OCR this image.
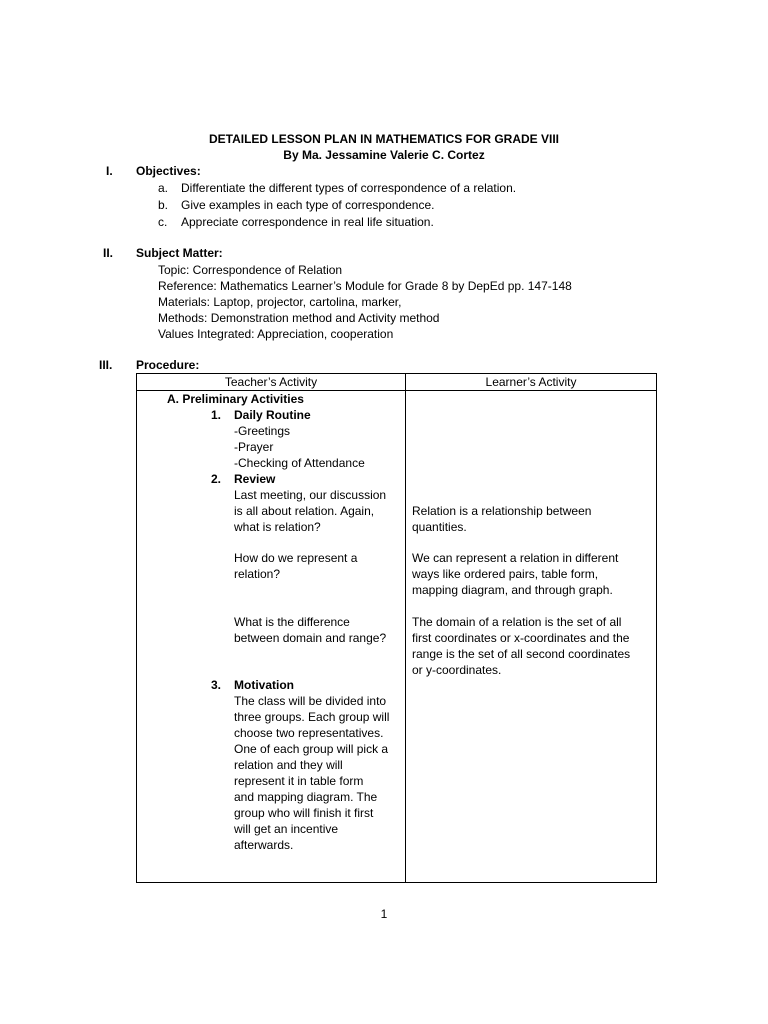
DETAILED LESSON PLAN IN MATHEMATICS FOR GRADE VIII
By Ma. Jessamine Valerie C. Cortez
I. Objectives:
a. Differentiate the different types of correspondence of a relation.
b. Give examples in each type of correspondence.
c. Appreciate correspondence in real life situation.
II. Subject Matter:
Topic: Correspondence of Relation
Reference: Mathematics Learner’s Module for Grade 8 by DepEd pp. 147-148
Materials: Laptop, projector, cartolina, marker,
Methods: Demonstration method and Activity method
Values Integrated: Appreciation, cooperation
III. Procedure:
Teacher’s Activity	Learner’s Activity
A. Preliminary Activities
1. Daily Routine
-Greetings
-Prayer
-Checking of Attendance
2. Review
Last meeting, our discussion
is all about relation. Again,
what is relation?
How do we represent a
relation?
What is the difference
between domain and range?
3. Motivation
The class will be divided into
three groups. Each group will
choose two representatives.
One of each group will pick a
relation and they will
represent it in table form
and mapping diagram. The
group who will finish it first
will get an incentive
afterwards.
Relation is a relationship between
quantities.
We can represent a relation in different
ways like ordered pairs, table form,
mapping diagram, and through graph.
The domain of a relation is the set of all
first coordinates or x-coordinates and the
range is the set of all second coordinates
or y-coordinates.
1
